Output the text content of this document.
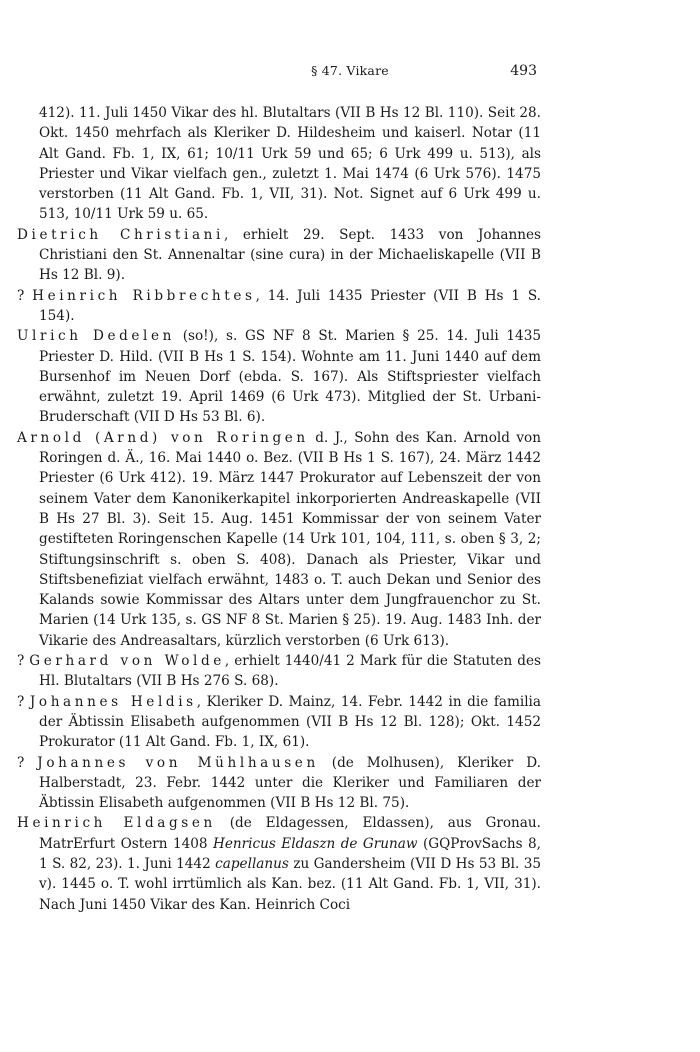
§ 47. Vikare	493

412). 11. Juli 1450 Vikar des hl. Blutaltars (VII B Hs 12 Bl. 110). Seit 28. Okt. 1450 mehrfach als Kleriker D. Hildesheim und kaiserl. Notar (11 Alt Gand. Fb. 1, IX, 61; 10/11 Urk 59 und 65; 6 Urk 499 u. 513), als Priester und Vikar vielfach gen., zuletzt 1. Mai 1474 (6 Urk 576). 1475 verstorben (11 Alt Gand. Fb. 1, VII, 31). Not. Signet auf 6 Urk 499 u. 513, 10/11 Urk 59 u. 65.

Dietrich Christiani, erhielt 29. Sept. 1433 von Johannes Christiani den St. Annenaltar (sine cura) in der Michaeliskapelle (VII B Hs 12 Bl. 9).

? Heinrich Ribbrechtes, 14. Juli 1435 Priester (VII B Hs 1 S. 154).

Ulrich Dedelen (so!), s. GS NF 8 St. Marien § 25. 14. Juli 1435 Priester D. Hild. (VII B Hs 1 S. 154). Wohnte am 11. Juni 1440 auf dem Bursenhof im Neuen Dorf (ebda. S. 167). Als Stiftspriester vielfach erwähnt, zuletzt 19. April 1469 (6 Urk 473). Mitglied der St. Urbani-Bruderschaft (VII D Hs 53 Bl. 6).

Arnold (Arnd) von Roringen d. J., Sohn des Kan. Arnold von Roringen d. Ä., 16. Mai 1440 o. Bez. (VII B Hs 1 S. 167), 24. März 1442 Priester (6 Urk 412). 19. März 1447 Prokurator auf Lebenszeit der von seinem Vater dem Kanonikerkapitel inkorporierten Andreaskapelle (VII B Hs 27 Bl. 3). Seit 15. Aug. 1451 Kommissar der von seinem Vater gestifteten Roringenschen Kapelle (14 Urk 101, 104, 111, s. oben § 3, 2; Stiftungsinschrift s. oben S. 408). Danach als Priester, Vikar und Stiftsbenefiziat vielfach erwähnt, 1483 o. T. auch Dekan und Senior des Kalands sowie Kommissar des Altars unter dem Jungfrauenchor zu St. Marien (14 Urk 135, s. GS NF 8 St. Marien § 25). 19. Aug. 1483 Inh. der Vikarie des Andreasaltars, kürzlich verstorben (6 Urk 613).

? Gerhard von Wolde, erhielt 1440/41 2 Mark für die Statuten des Hl. Blutaltars (VII B Hs 276 S. 68).

? Johannes Heldis, Kleriker D. Mainz, 14. Febr. 1442 in die familia der Äbtissin Elisabeth aufgenommen (VII B Hs 12 Bl. 128); Okt. 1452 Prokurator (11 Alt Gand. Fb. 1, IX, 61).

? Johannes von Mühlhausen (de Molhusen), Kleriker D. Halberstadt, 23. Febr. 1442 unter die Kleriker und Familiaren der Äbtissin Elisabeth aufgenommen (VII B Hs 12 Bl. 75).

Heinrich Eldagsen (de Eldagessen, Eldassen), aus Gronau. MatrErfurt Ostern 1408 Henricus Eldaszn de Grunaw (GQProvSachs 8, 1 S. 82, 23). 1. Juni 1442 capellanus zu Gandersheim (VII D Hs 53 Bl. 35 v). 1445 o. T. wohl irrtümlich als Kan. bez. (11 Alt Gand. Fb. 1, VII, 31). Nach Juni 1450 Vikar des Kan. Heinrich Coci
